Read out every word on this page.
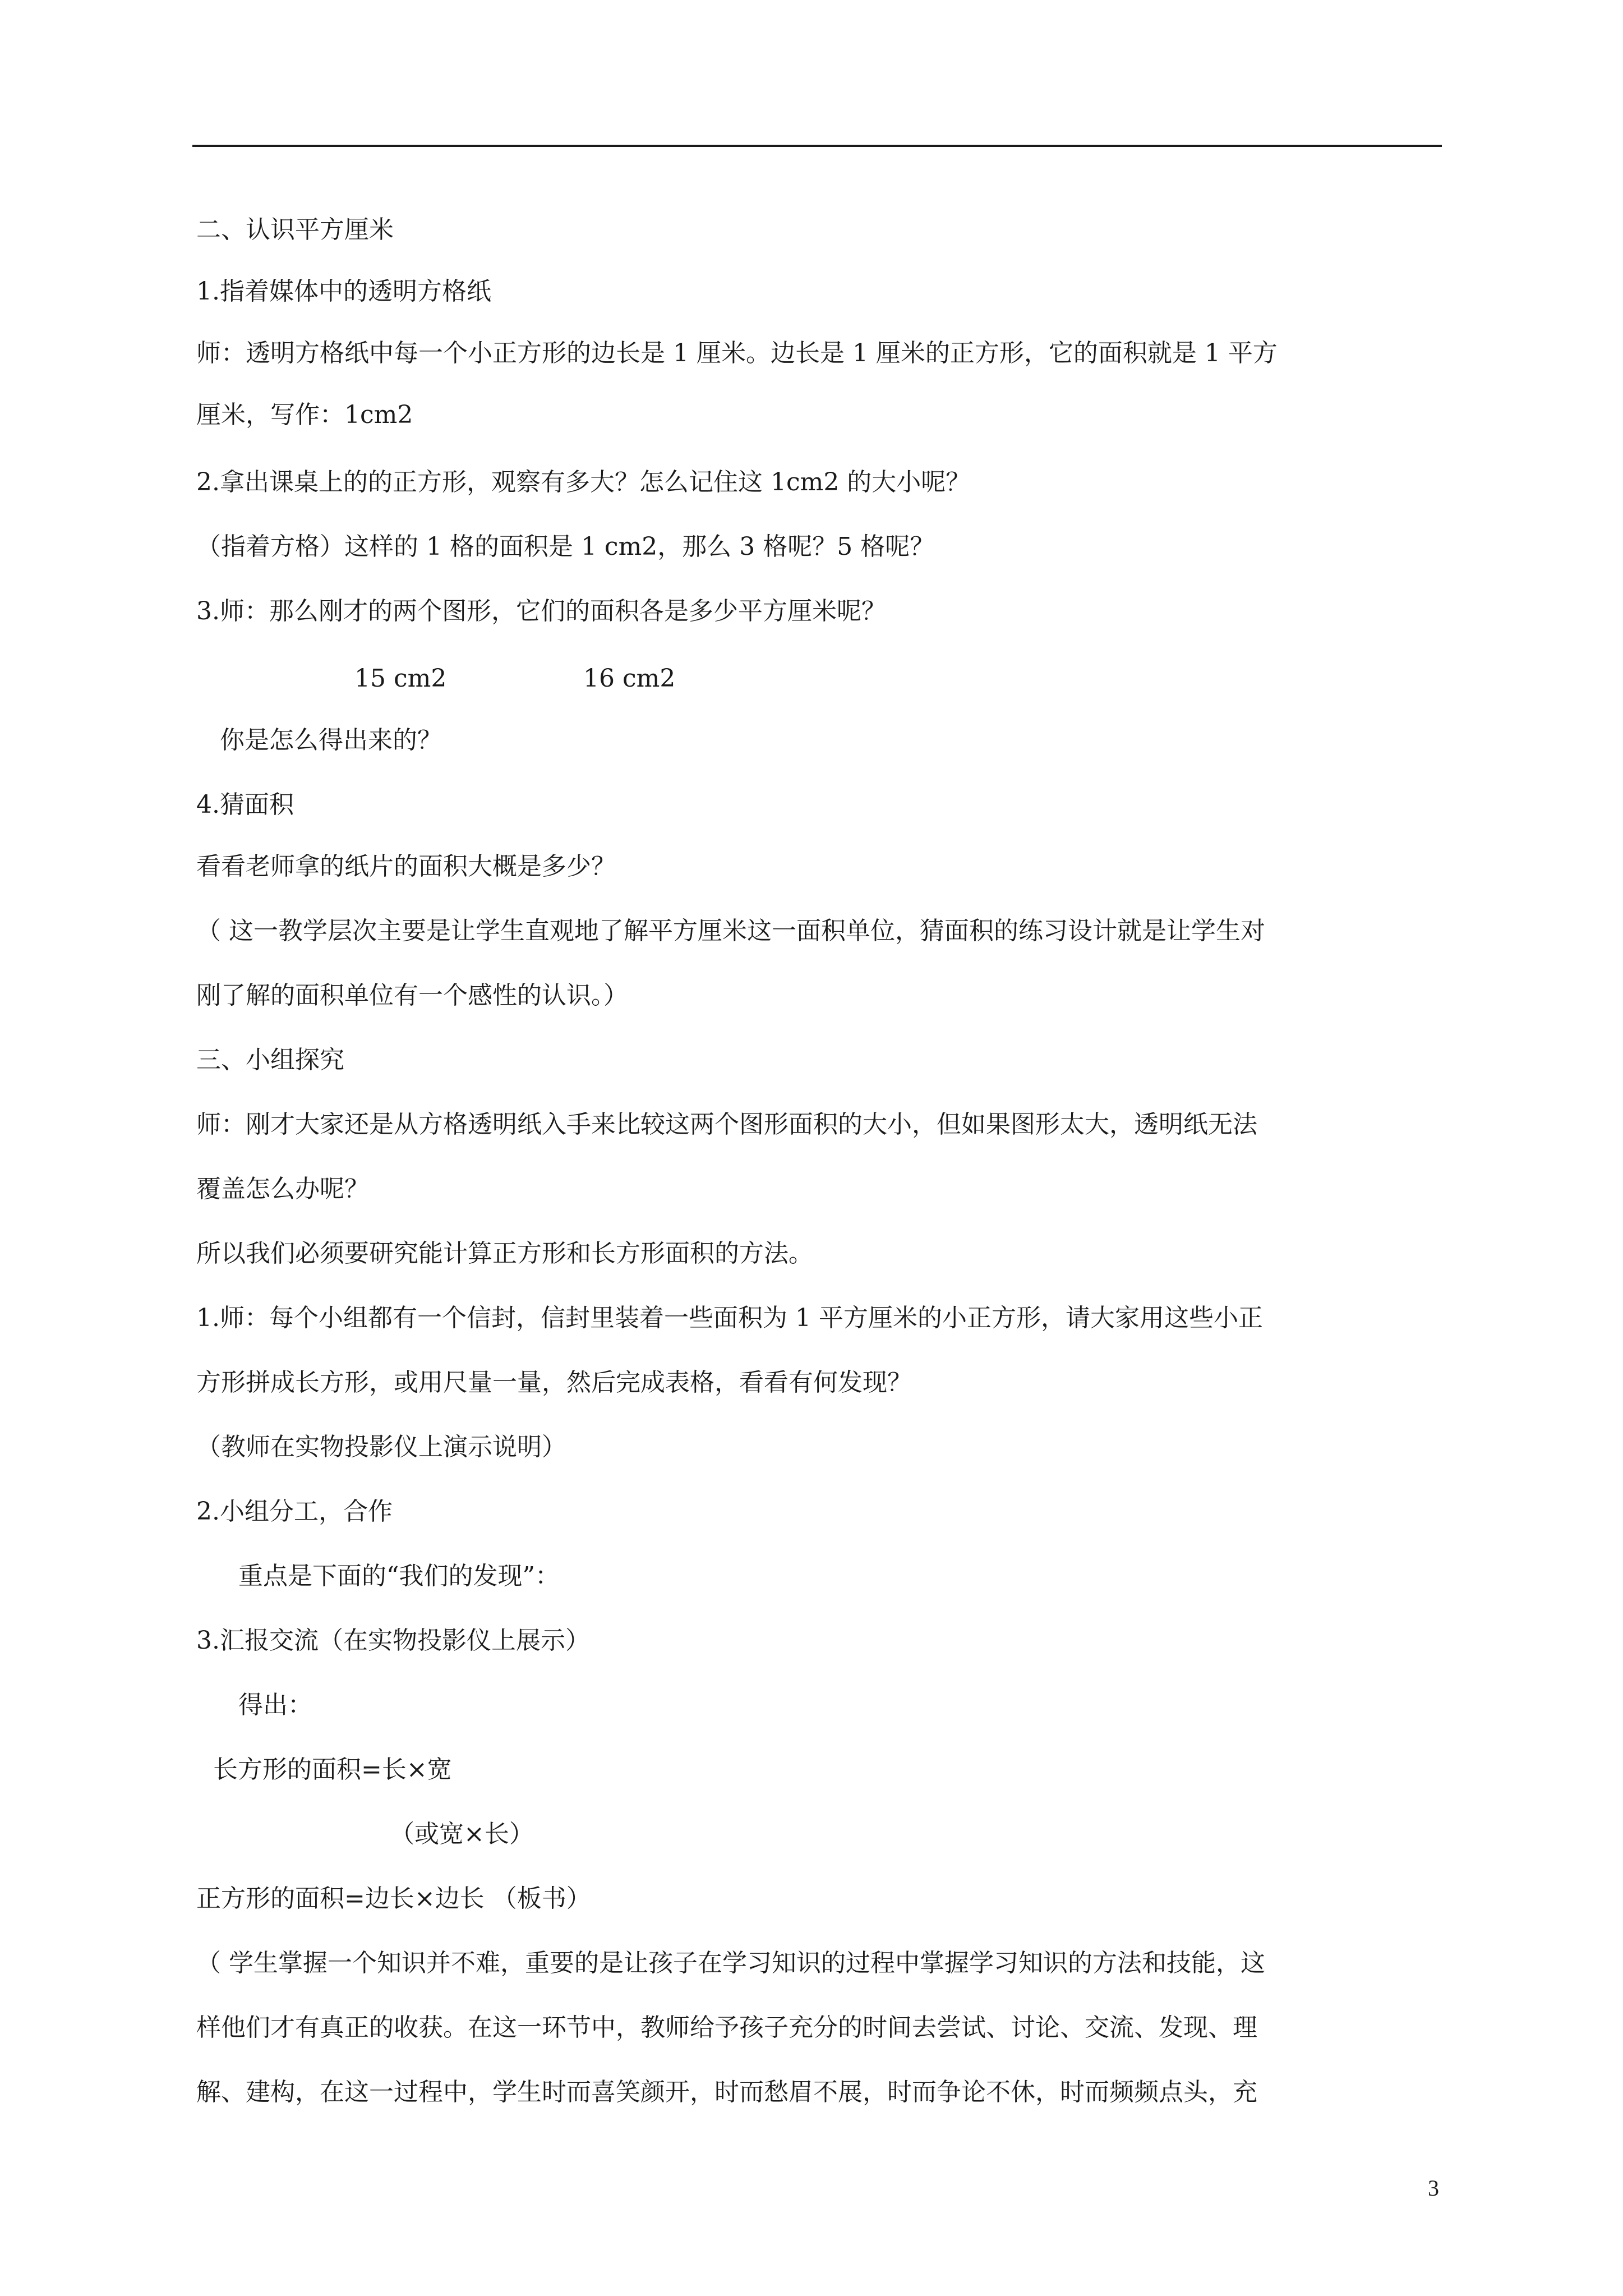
二、认识平方厘米
1.指着媒体中的透明方格纸
师：透明方格纸中每一个小正方形的边长是 1 厘米。边长是 1 厘米的正方形，它的面积就是 1 平方
厘米，写作：1cm2
2.拿出课桌上的的正方形，观察有多大？怎么记住这 1cm2 的大小呢？
（指着方格）这样的 1 格的面积是 1 cm2，那么 3 格呢？5 格呢？
3.师：那么刚才的两个图形，它们的面积各是多少平方厘米呢？
15 cm2	16 cm2
你是怎么得出来的？
4.猜面积
看看老师拿的纸片的面积大概是多少？
（ 这一教学层次主要是让学生直观地了解平方厘米这一面积单位，猜面积的练习设计就是让学生对
刚了解的面积单位有一个感性的认识。）
三、小组探究
师：刚才大家还是从方格透明纸入手来比较这两个图形面积的大小，但如果图形太大，透明纸无法
覆盖怎么办呢？
所以我们必须要研究能计算正方形和长方形面积的方法。
1.师：每个小组都有一个信封，信封里装着一些面积为 1 平方厘米的小正方形，请大家用这些小正
方形拼成长方形，或用尺量一量，然后完成表格，看看有何发现？
（教师在实物投影仪上演示说明）
2.小组分工，合作
重点是下面的“我们的发现”：
3.汇报交流（在实物投影仪上展示）
得出：
长方形的面积=长×宽
（或宽×长）
正方形的面积=边长×边长 （板书）
（ 学生掌握一个知识并不难，重要的是让孩子在学习知识的过程中掌握学习知识的方法和技能，这
样他们才有真正的收获。在这一环节中，教师给予孩子充分的时间去尝试、讨论、交流、发现、理
解、建构，在这一过程中，学生时而喜笑颜开，时而愁眉不展，时而争论不休，时而频频点头，充
3
